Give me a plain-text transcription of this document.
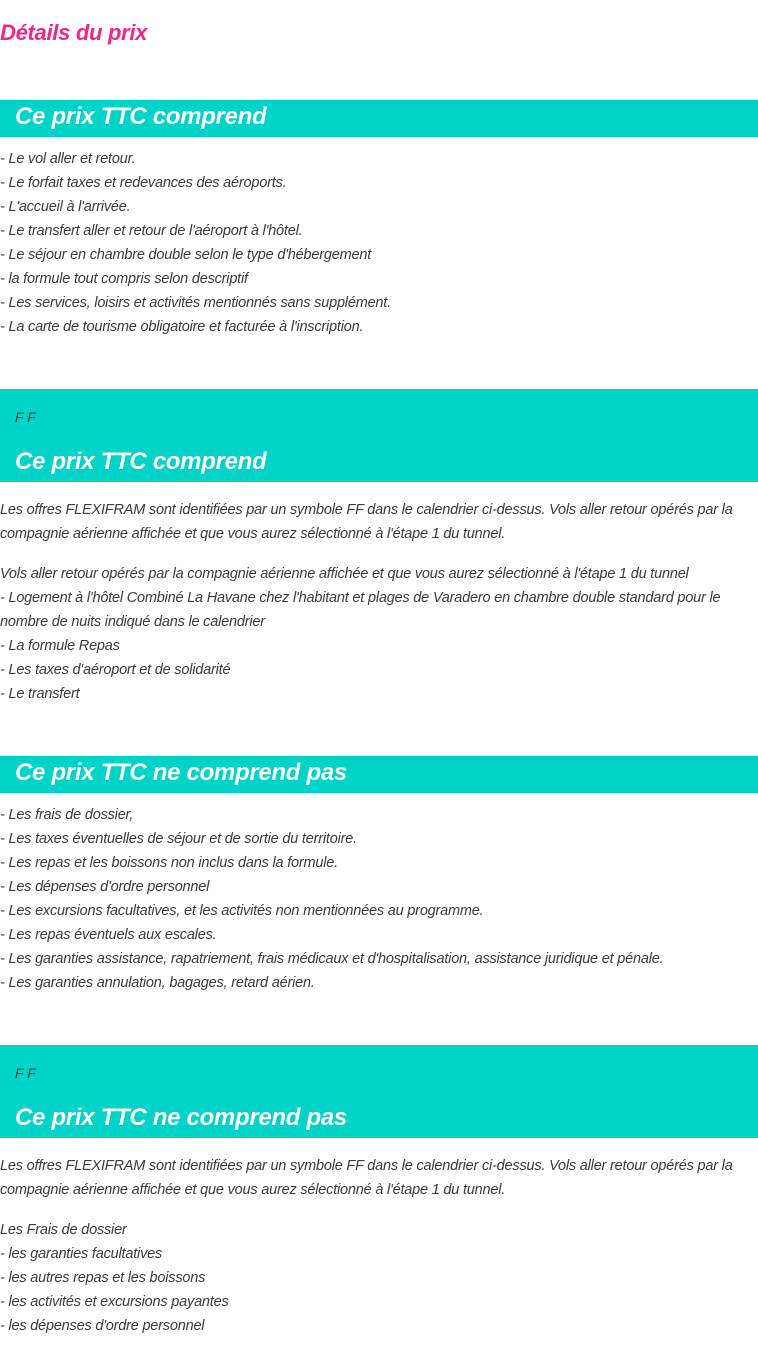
Détails du prix
Ce prix TTC comprend
- Le vol aller et retour.
- Le forfait taxes et redevances des aéroports.
- L'accueil à l'arrivée.
- Le transfert aller et retour de l'aéroport à l'hôtel.
- Le séjour en chambre double selon le type d'hébergement
- la formule tout compris selon descriptif
- Les services, loisirs et activités mentionnés sans supplément.
- La carte de tourisme obligatoire et facturée à l'inscription.
F F
Ce prix TTC comprend
Les offres FLEXIFRAM sont identifiées par un symbole FF dans le calendrier ci-dessus. Vols aller retour opérés par la compagnie aérienne affichée et que vous aurez sélectionné à l'étape 1 du tunnel.
Vols aller retour opérés par la compagnie aérienne affichée et que vous aurez sélectionné à l'étape 1 du tunnel
- Logement à l'hôtel Combiné La Havane chez l'habitant et plages de Varadero en chambre double standard pour le nombre de nuits indiqué dans le calendrier
- La formule Repas
- Les taxes d'aéroport et de solidarité
- Le transfert
Ce prix TTC ne comprend pas
- Les frais de dossier,
- Les taxes éventuelles de séjour et de sortie du territoire.
- Les repas et les boissons non inclus dans la formule.
- Les dépenses d'ordre personnel
- Les excursions facultatives, et les activités non mentionnées au programme.
- Les repas éventuels aux escales.
- Les garanties assistance, rapatriement, frais médicaux et d'hospitalisation, assistance juridique et pénale.
- Les garanties annulation, bagages, retard aérien.
F F
Ce prix TTC ne comprend pas
Les offres FLEXIFRAM sont identifiées par un symbole FF dans le calendrier ci-dessus. Vols aller retour opérés par la compagnie aérienne affichée et que vous aurez sélectionné à l'étape 1 du tunnel.
Les Frais de dossier
- les garanties facultatives
- les autres repas et les boissons
- les activités et excursions payantes
- les dépenses d'ordre personnel
